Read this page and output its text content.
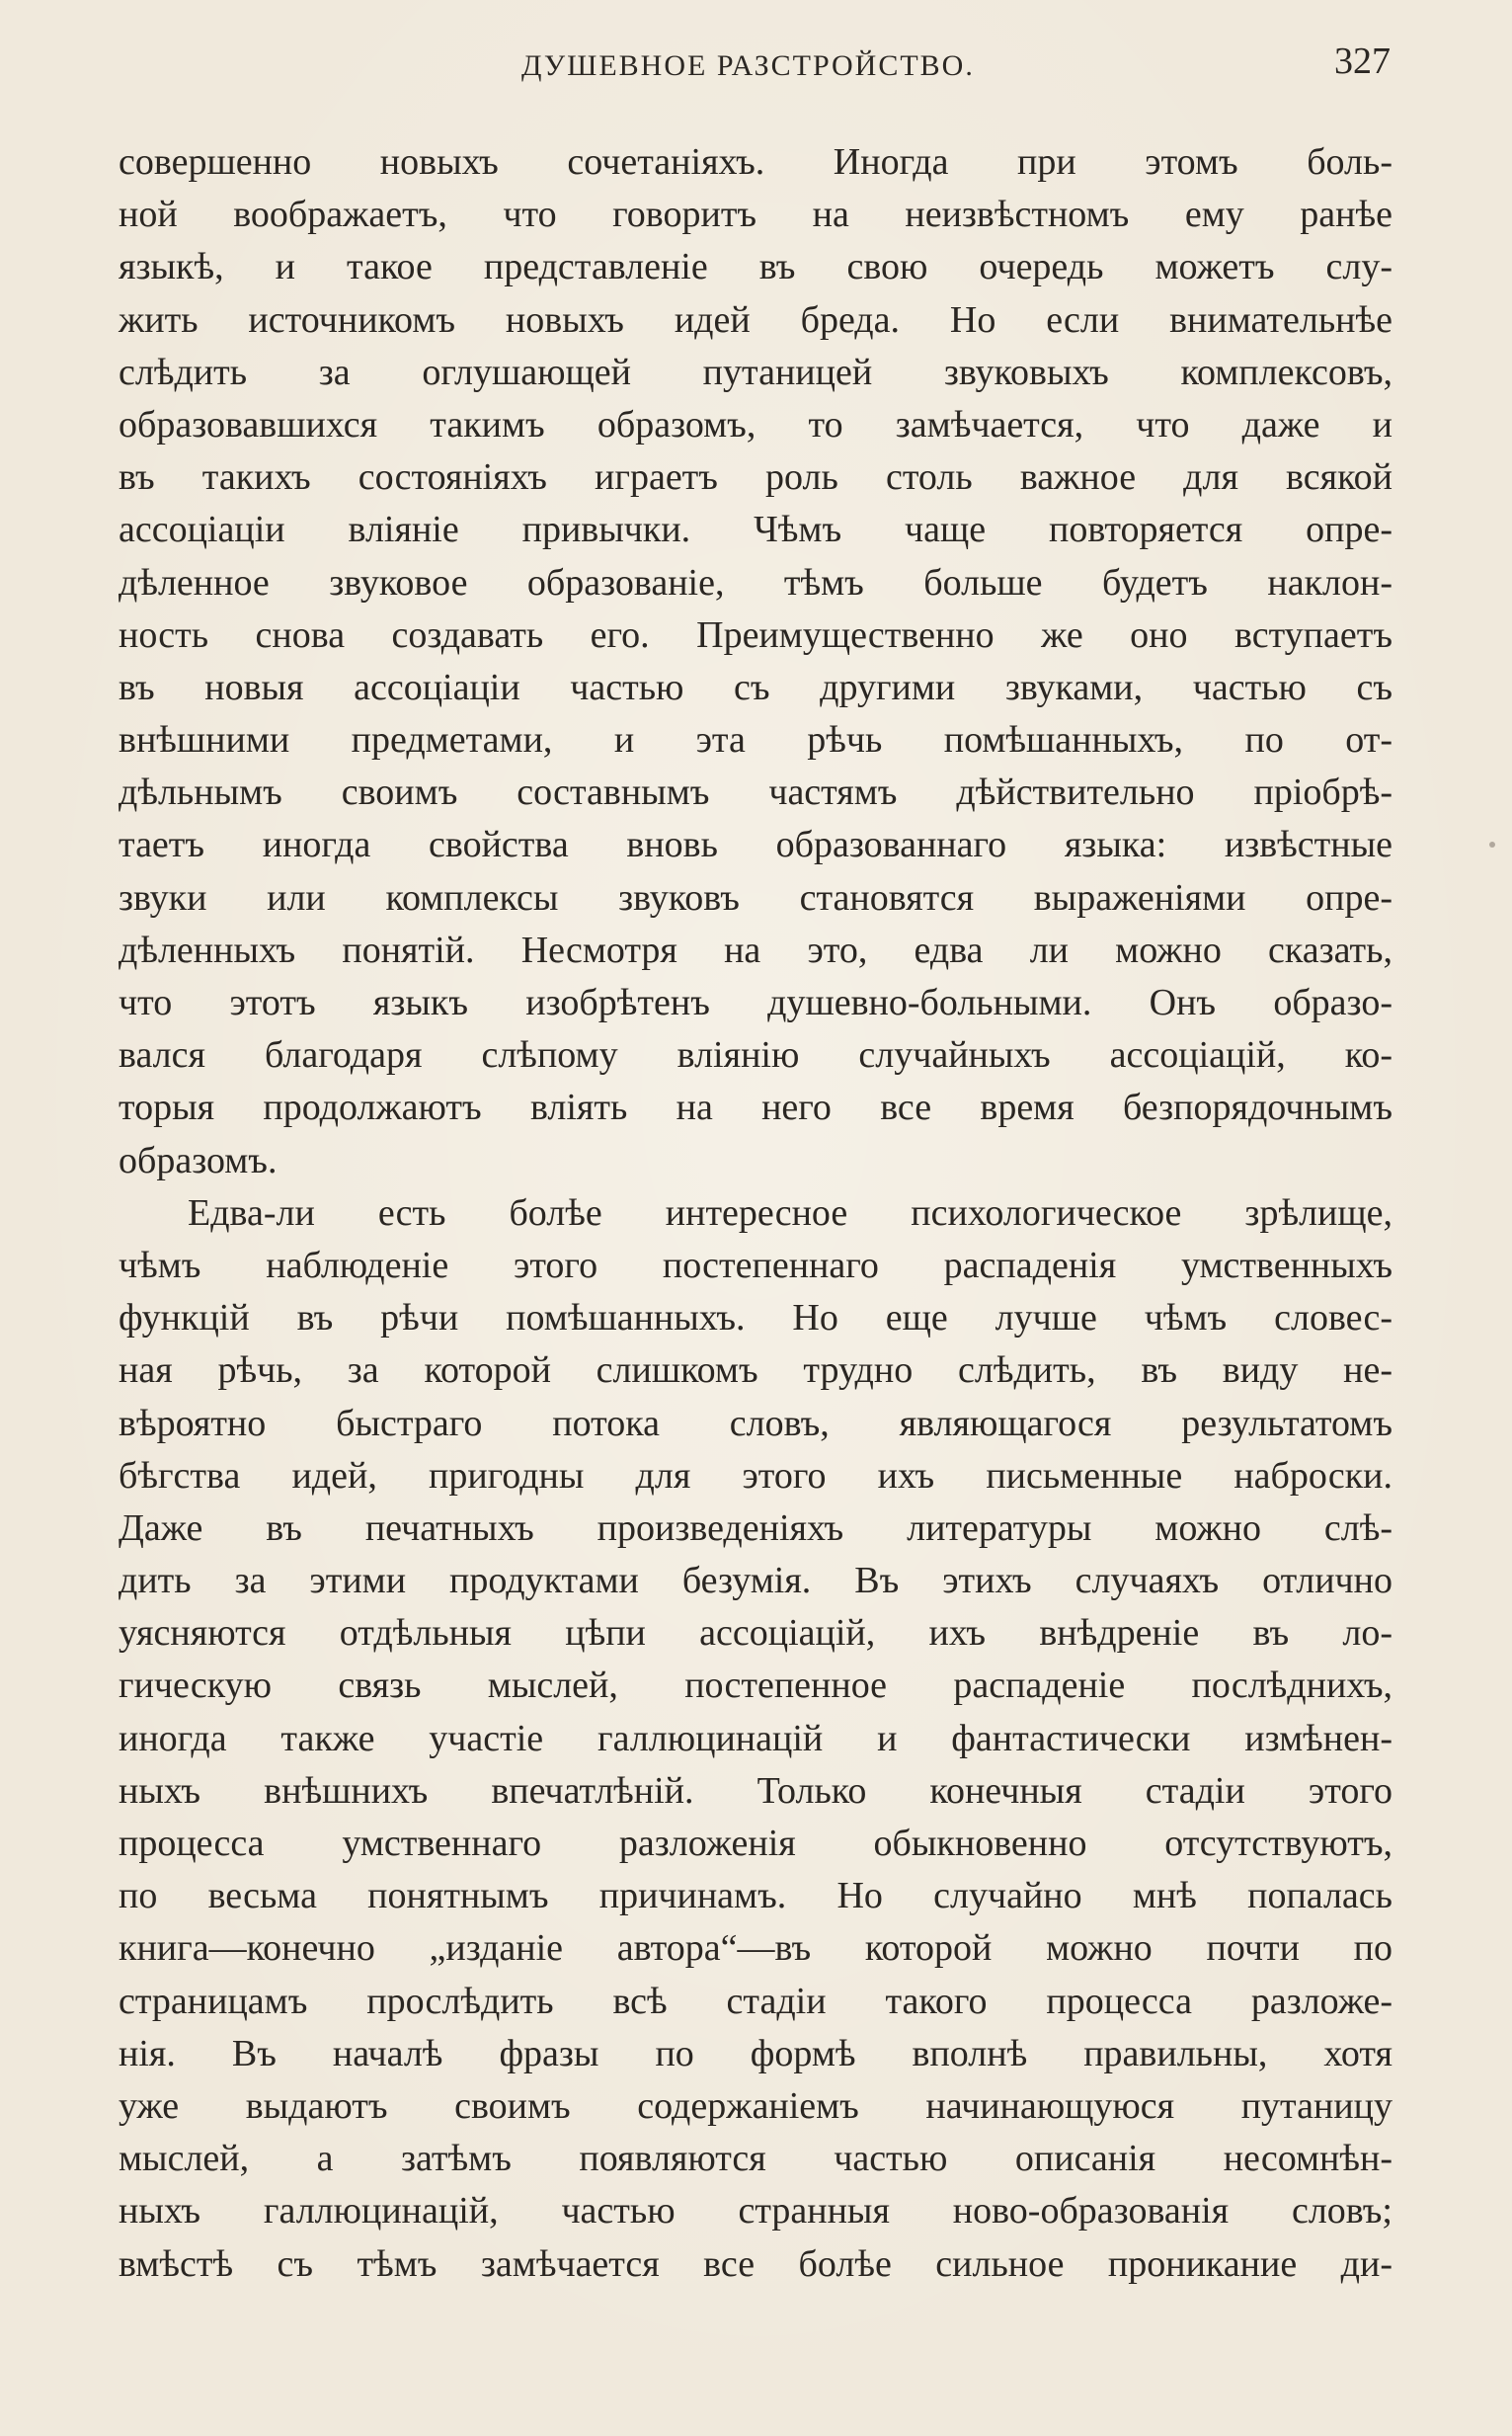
ДУШЕВНОЕ РАЗСТРОЙСТВО.	327
совершенно новыхъ сочетаніяхъ. Иногда при этомъ боль-
ной воображаетъ, что говоритъ на неизвѣстномъ ему ранѣе
языкѣ, и такое представленіе въ свою очередь можетъ слу-
жить источникомъ новыхъ идей бреда. Но если внимательнѣе
слѣдить за оглушающей путаницей звуковыхъ комплексовъ,
образовавшихся такимъ образомъ, то замѣчается, что даже и
въ такихъ состояніяхъ играетъ роль столь важное для всякой
ассоціаціи вліяніе привычки. Чѣмъ чаще повторяется опре-
дѣленное звуковое образованіе, тѣмъ больше будетъ наклон-
ность снова создавать его. Преимущественно же оно вступаетъ
въ новыя ассоціаціи частью съ другими звуками, частью съ
внѣшними предметами, и эта рѣчь помѣшанныхъ, по от-
дѣльнымъ своимъ составнымъ частямъ дѣйствительно пріобрѣ-
таетъ иногда свойства вновь образованнаго языка: извѣстные
звуки или комплексы звуковъ становятся выраженіями опре-
дѣленныхъ понятій. Несмотря на это, едва ли можно сказать,
что этотъ языкъ изобрѣтенъ душевно-больными. Онъ образо-
вался благодаря слѣпому вліянію случайныхъ ассоціацій, ко-
торыя продолжаютъ вліять на него все время безпорядочнымъ
образомъ.
Едва-ли есть болѣе интересное психологическое зрѣлище,
чѣмъ наблюденіе этого постепеннаго распаденія умственныхъ
функцій въ рѣчи помѣшанныхъ. Но еще лучше чѣмъ словес-
ная рѣчь, за которой слишкомъ трудно слѣдить, въ виду не-
вѣроятно быстраго потока словъ, являющагося результатомъ
бѣгства идей, пригодны для этого ихъ письменные наброски.
Даже въ печатныхъ произведеніяхъ литературы можно слѣ-
дить за этими продуктами безумія. Въ этихъ случаяхъ отлично
уясняются отдѣльныя цѣпи ассоціацій, ихъ внѣдреніе въ ло-
гическую связь мыслей, постепенное распаденіе послѣднихъ,
иногда также участіе галлюцинацій и фантастически измѣнен-
ныхъ внѣшнихъ впечатлѣній. Только конечныя стадіи этого
процесса умственнаго разложенія обыкновенно отсутствуютъ,
по весьма понятнымъ причинамъ. Но случайно мнѣ попалась
книга—конечно „изданіе автора“—въ которой можно почти по
страницамъ прослѣдить всѣ стадіи такого процесса разложе-
нія. Въ началѣ фразы по формѣ вполнѣ правильны, хотя
уже выдаютъ своимъ содержаніемъ начинающуюся путаницу
мыслей, а затѣмъ появляются частью описанія несомнѣн-
ныхъ галлюцинацій, частью странныя ново-образованія словъ;
вмѣстѣ съ тѣмъ замѣчается все болѣе сильное проникание ди-
